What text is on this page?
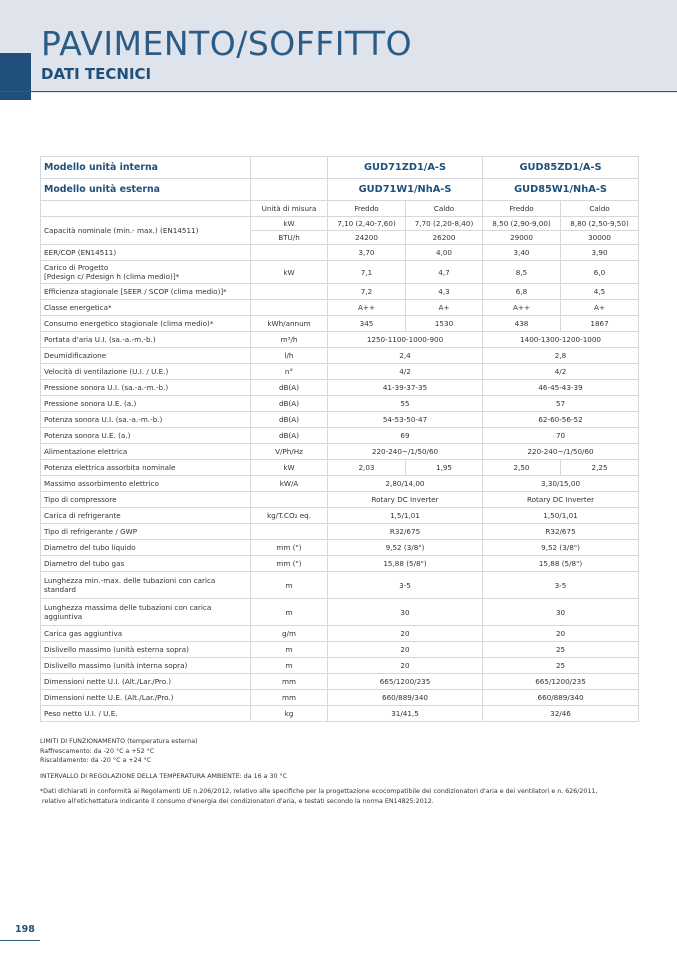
PAVIMENTO/SOFFITTO
DATI TECNICI
Modello unità interna		GUD71ZD1/A-S		GUD85ZD1/A-S	
Modello unità esterna		GUD71W1/NhA-S		GUD85W1/NhA-S	
	Unità di misura	Freddo	Caldo	Freddo	Caldo
Capacità nominale (min.- max.) (EN14511)	kW	7,10 (2,40-7,60)	7,70 (2,20-8,40)	8,50 (2,90-9,00)	8,80 (2,50-9,50)
	BTU/h	24200	26200	29000	30000
EER/COP (EN14511)		3,70	4,00	3,40	3,90
Carico di Progetto
[Pdesign c/ Pdesign h (clima medio)]*	kW	7,1	4,7	8,5	6,0
Efficienza stagionale [SEER / SCOP (clima medio)]*		7,2	4,3	6,8	4,5
Classe energetica*		A++	A+	A++	A+
Consumo energetico stagionale (clima medio)*	kWh/annum	345	1530	438	1867
Portata d'aria U.I. (sa.-a.-m.-b.)	m³/h	1250-1100-1000-900		1400-1300-1200-1000	
Deumidificazione	l/h	2,4		2,8	
Velocità di ventilazione (U.I. / U.E.)	n°	4/2		4/2	
Pressione sonora U.I. (sa.-a.-m.-b.)	dB(A)	41-39-37-35		46-45-43-39	
Pressione sonora U.E. (a.)	dB(A)	55		57	
Potenza sonora U.I. (sa.-a.-m.-b.)	dB(A)	54-53-50-47		62-60-56-52	
Potenza sonora U.E. (a.)	dB(A)	69		70	
Alimentazione elettrica	V/Ph/Hz	220-240~/1/50/60		220-240~/1/50/60	
Potenza elettrica assorbita nominale	kW	2,03	1,95	2,50	2,25
Massimo assorbimento elettrico	kW/A	2,80/14,00		3,30/15,00	
Tipo di compressore		Rotary DC Inverter		Rotary DC Inverter	
Carica di refrigerante	kg/T.CO₂ eq.	1,5/1,01		1,50/1,01	
Tipo di refrigerante / GWP		R32/675		R32/675	
Diametro del tubo liquido	mm (")	9,52 (3/8")		9,52 (3/8")	
Diametro del tubo gas	mm (")	15,88 (5/8")		15,88 (5/8")	
Lunghezza min.-max. delle tubazioni con carica
standard	m	3-5		3-5	
Lunghezza massima delle tubazioni con carica
aggiuntiva	m	30		30	
Carica gas aggiuntiva	g/m	20		20	
Dislivello massimo (unità esterna sopra)	m	20		25	
Dislivello massimo (unità interna sopra)	m	20		25	
Dimensioni nette U.I. (Alt./Lar./Pro.)	mm	665/1200/235		665/1200/235	
Dimensioni nette U.E. (Alt./Lar./Pro.)	mm	660/889/340		660/889/340	
Peso netto U.I. / U.E.	kg	31/41,5		32/46	

LIMITI DI FUNZIONAMENTO (temperatura esterna)
Raffrescamento: da -20 °C a +52 °C
Riscaldamento: da -20 °C a +24 °C

INTERVALLO DI REGOLAZIONE DELLA TEMPERATURA AMBIENTE: da 16 a 30 °C

*Dati dichiarati in conformità ai Regolamenti UE n.206/2012, relativo alle specifiche per la progettazione ecocompatibile dei condizionatori d'aria e dei ventilatori e n. 626/2011,
relativo all'etichettatura indicante il consumo d'energia dei condizionatori d'aria, e testati secondo la norma EN14825:2012.

198
